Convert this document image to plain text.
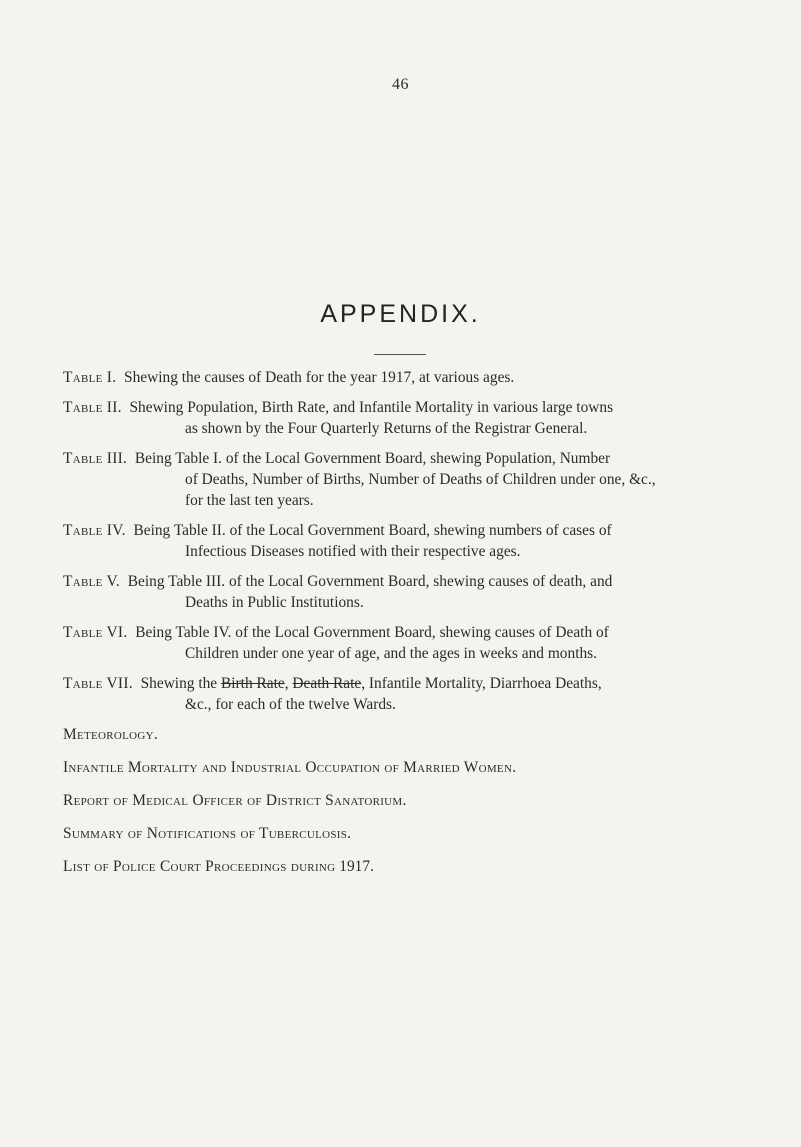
46
APPENDIX.
Table I. Shewing the causes of Death for the year 1917, at various ages.
Table II. Shewing Population, Birth Rate, and Infantile Mortality in various large towns
as shown by the Four Quarterly Returns of the Registrar General.
Table III. Being Table I. of the Local Government Board, shewing Population, Number
of Deaths, Number of Births, Number of Deaths of Children under one, &c.,
for the last ten years.
Table IV. Being Table II. of the Local Government Board, shewing numbers of cases of
Infectious Diseases notified with their respective ages.
Table V. Being Table III. of the Local Government Board, shewing causes of death, and
Deaths in Public Institutions.
Table VI. Being Table IV. of the Local Government Board, shewing causes of Death of
Children under one year of age, and the ages in weeks and months.
Table VII. Shewing the Birth Rate, Death Rate, Infantile Mortality, Diarrhoea Deaths,
&c., for each of the twelve Wards.
Meteorology.
Infantile Mortality and Industrial Occupation of Married Women.
Report of Medical Officer of District Sanatorium.
Summary of Notifications of Tuberculosis.
List of Police Court Proceedings during 1917.
